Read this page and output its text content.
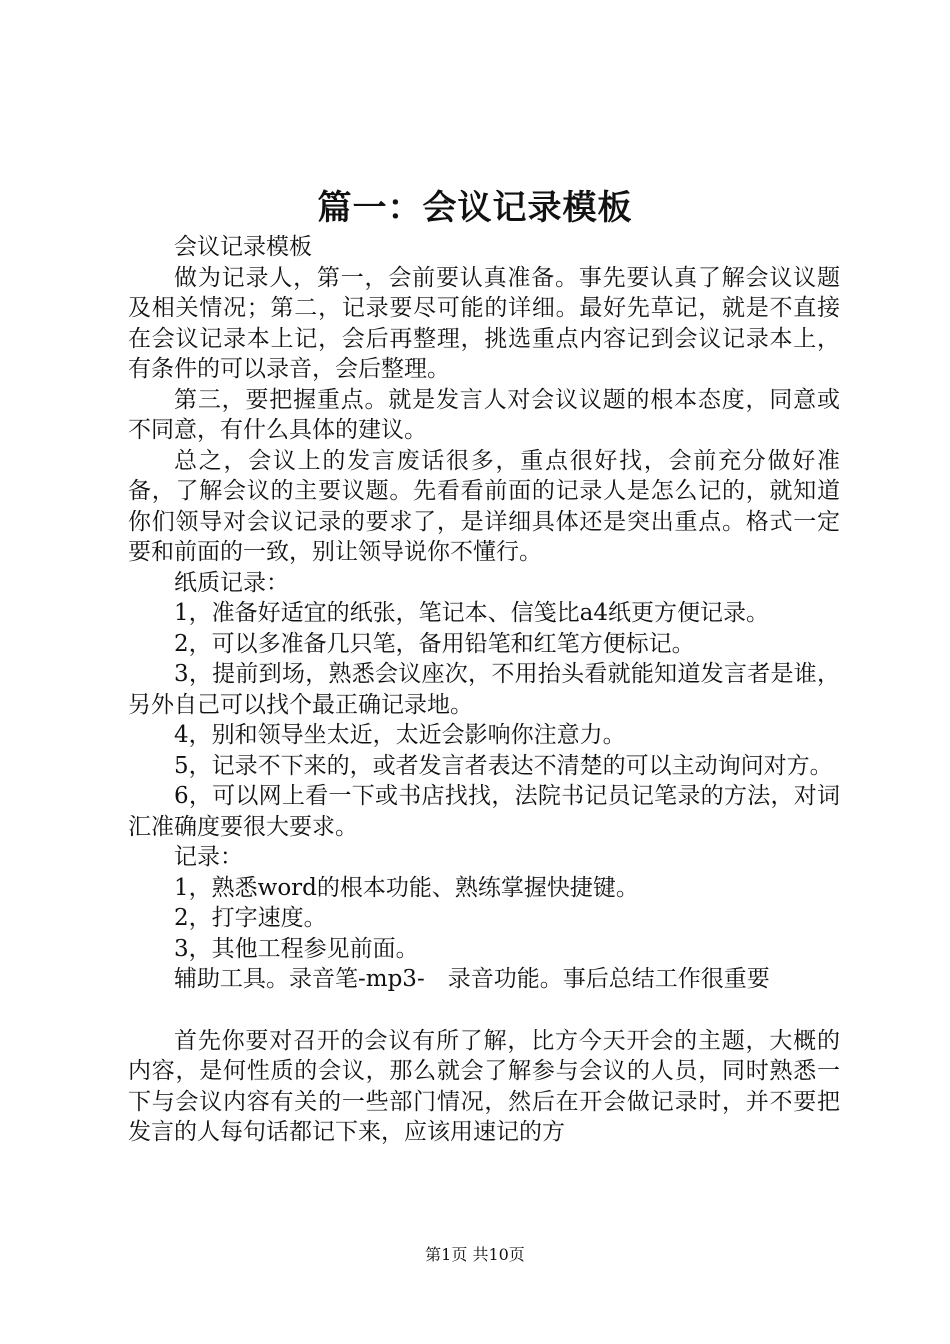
篇一：会议记录模板

会议记录模板

做为记录人，第一，会前要认真准备。事先要认真了解会议议题及相关情况；第二，记录要尽可能的详细。最好先草记，就是不直接在会议记录本上记，会后再整理，挑选重点内容记到会议记录本上，有条件的可以录音，会后整理。

第三，要把握重点。就是发言人对会议议题的根本态度，同意或不同意，有什么具体的建议。

总之，会议上的发言废话很多，重点很好找，会前充分做好准备，了解会议的主要议题。先看看前面的记录人是怎么记的，就知道你们领导对会议记录的要求了，是详细具体还是突出重点。格式一定要和前面的一致，别让领导说你不懂行。

纸质记录：

1，准备好适宜的纸张，笔记本、信笺比a4纸更方便记录。

2，可以多准备几只笔，备用铅笔和红笔方便标记。

3，提前到场，熟悉会议座次，不用抬头看就能知道发言者是谁，另外自己可以找个最正确记录地。

4，别和领导坐太近，太近会影响你注意力。

5，记录不下来的，或者发言者表达不清楚的可以主动询问对方。

6，可以网上看一下或书店找找，法院书记员记笔录的方法，对词汇准确度要很大要求。

记录：

1，熟悉word的根本功能、熟练掌握快捷键。

2，打字速度。

3，其他工程参见前面。

辅助工具。录音笔-mp3-　录音功能。事后总结工作很重要

首先你要对召开的会议有所了解，比方今天开会的主题，大概的内容，是何性质的会议，那么就会了解参与会议的人员，同时熟悉一下与会议内容有关的一些部门情况，然后在开会做记录时，并不要把发言的人每句话都记下来，应该用速记的方

第1页 共10页
